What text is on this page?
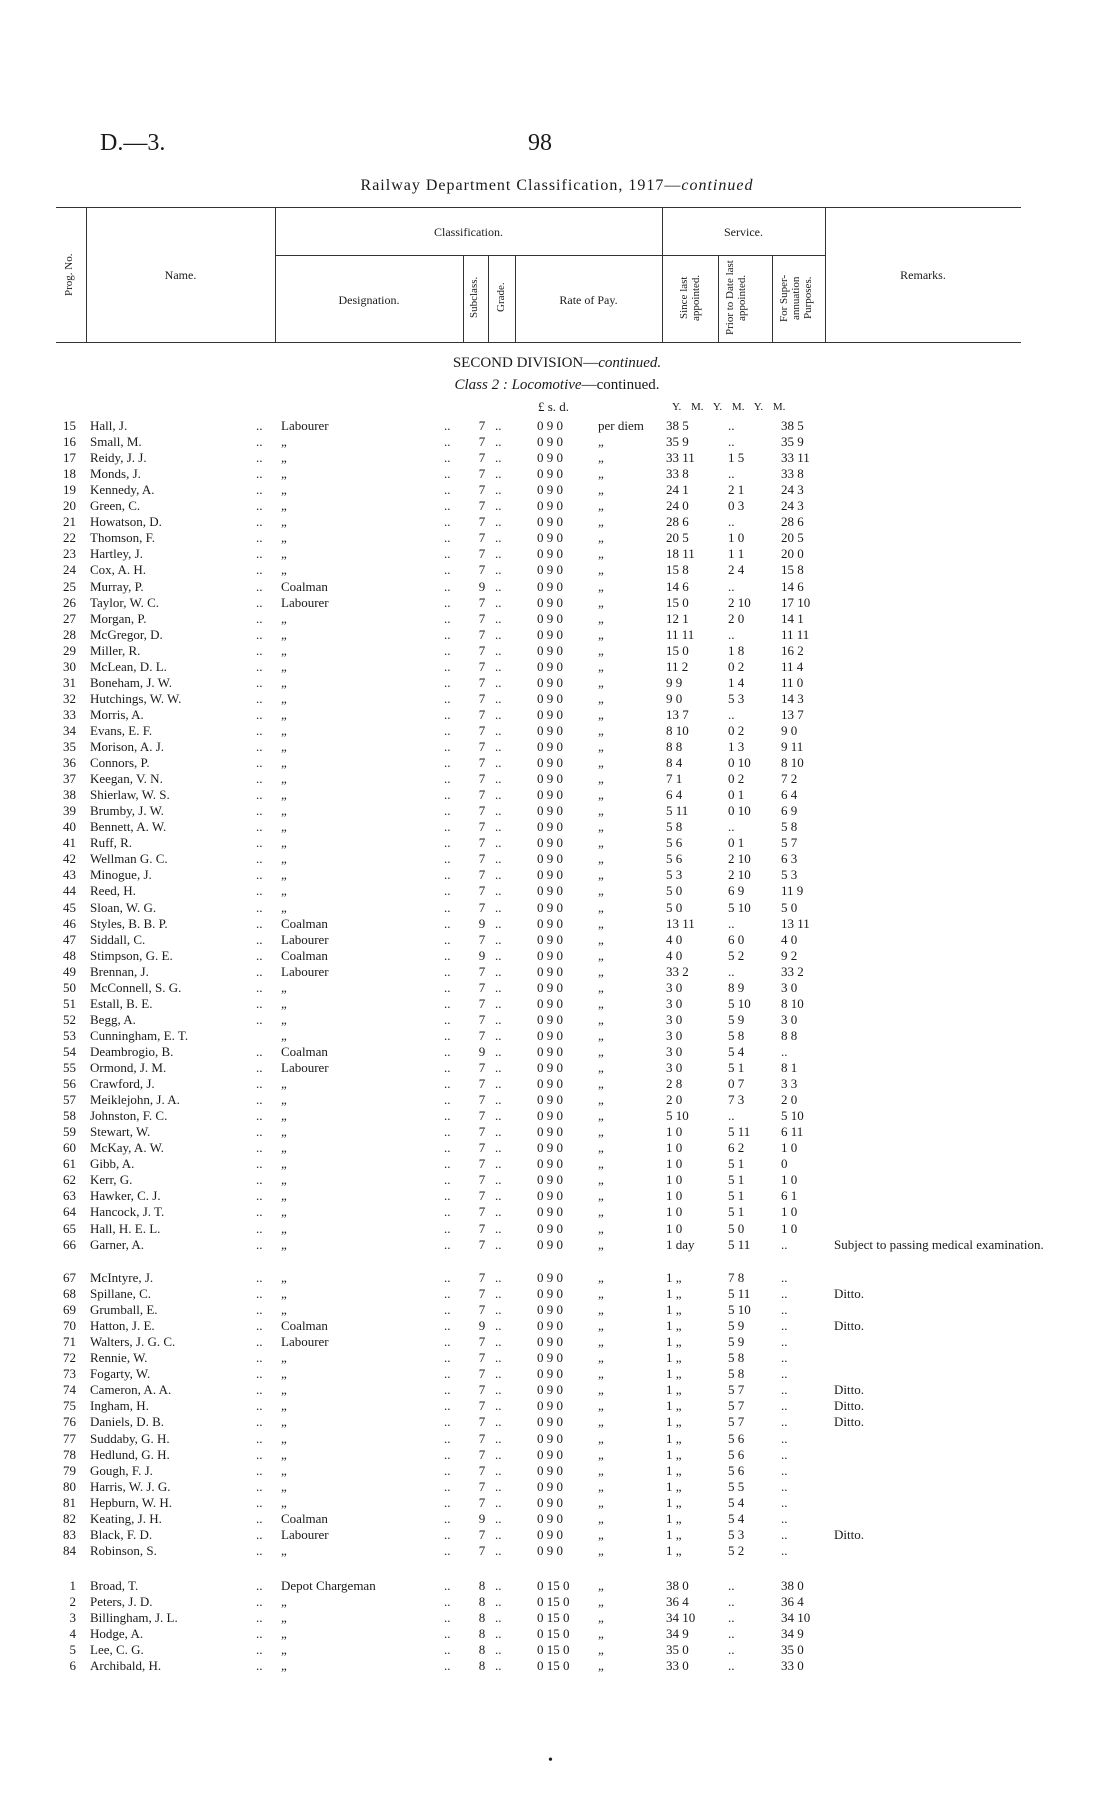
D.—3.	98
Railway Department Classification, 1917—continued
Prog. No.	Name.
Classification.	Service.
Designation.	Subclass. Grade.	Rate of Pay.	Since last appointed. Prior to Date last appointed.	For Super-annuation Purposes.
Remarks.
SECOND DIVISION—continued.
Class 2 : Locomotive—continued.
£ s. d.	Y. M. Y. M. Y. M.
15 Hall, J.	.. Labourer	.. 7 ..	0 9 0	per diem 38 5	..	38 5
16 Small, M.	.. „	.. 7 ..	0 9 0	„	35 9	..	35 9
17 Reidy, J. J.	.. „	.. 7 ..	0 9 0	„	33 11	1 5	33 11
18 Monds, J.	.. „	.. 7 ..	0 9 0	„	33 8	..	33 8
19 Kennedy, A.	.. „	.. 7 ..	0 9 0	„	24 1	2 1	24 3
20 Green, C.	.. „	.. 7 ..	0 9 0	„	24 0	0 3	24 3
21 Howatson, D.	.. „	.. 7 ..	0 9 0	„	28 6	..	28 6
22 Thomson, F.	.. „	.. 7 ..	0 9 0	„	20 5	1 0	20 5
23 Hartley, J.	.. „	.. 7 ..	0 9 0	„	18 11	1 1	20 0
24 Cox, A. H.	.. „	.. 7 ..	0 9 0	„	15 8	2 4	15 8
25 Murray, P.	.. Coalman	.. 9 ..	0 9 0	„	14 6	..	14 6
26 Taylor, W. C.	.. Labourer	.. 7 ..	0 9 0	„	15 0	2 10	17 10
27 Morgan, P.	.. „	.. 7 ..	0 9 0	„	12 1	2 0	14 1
28 McGregor, D.	.. „	.. 7 ..	0 9 0	„	11 11	..	11 11
29 Miller, R.	.. „	.. 7 ..	0 9 0	„	15 0	1 8	16 2
30 McLean, D. L.	.. „	.. 7 ..	0 9 0	„	11 2	0 2	11 4
31 Boneham, J. W.	.. „	.. 7 ..	0 9 0	„	9 9	1 4	11 0
32 Hutchings, W. W.	.. „	.. 7 ..	0 9 0	„	9 0	5 3	14 3
33 Morris, A.	.. „	.. 7 ..	0 9 0	„	13 7	..	13 7
34 Evans, E. F.	.. „	.. 7 ..	0 9 0	„	8 10	0 2	9 0
35 Morison, A. J.	.. „	.. 7 ..	0 9 0	„	8 8	1 3	9 11
36 Connors, P.	.. „	.. 7 ..	0 9 0	„	8 4	0 10	8 10
37 Keegan, V. N.	.. „	.. 7 ..	0 9 0	„	7 1	0 2	7 2
38 Shierlaw, W. S.	.. „	.. 7 ..	0 9 0	„	6 4	0 1	6 4
39 Brumby, J. W.	.. „	.. 7 ..	0 9 0	„	5 11	0 10	6 9
40 Bennett, A. W.	.. „	.. 7 ..	0 9 0	„	5 8	..	5 8
41 Ruff, R.	.. „	.. 7 ..	0 9 0	„	5 6	0 1	5 7
42 Wellman G. C.	.. „	.. 7 ..	0 9 0	„	5 6	2 10	6 3
43 Minogue, J.	.. „	.. 7 ..	0 9 0	„	5 3	2 10	5 3
44 Reed, H.	.. „	.. 7 ..	0 9 0	„	5 0	6 9	11 9
45 Sloan, W. G.	.. „	.. 7 ..	0 9 0	„	5 0	5 10	5 0
46 Styles, B. B. P.	.. Coalman	.. 9 ..	0 9 0	„	13 11	..	13 11
47 Siddall, C.	.. Labourer	.. 7 ..	0 9 0	„	4 0	6 0	4 0
48 Stimpson, G. E.	.. Coalman	.. 9 ..	0 9 0	„	4 0	5 2	9 2
49 Brennan, J.	.. Labourer	.. 7 ..	0 9 0	„	33 2	..	33 2
50 McConnell, S. G.	.. „	.. 7 ..	0 9 0	„	3 0	8 9	3 0
51 Estall, B. E.	.. „	.. 7 ..	0 9 0	„	3 0	5 10	8 10
52 Begg, A.	.. „	.. 7 ..	0 9 0	„	3 0	5 9	3 0
53 Cunningham, E. T.	„	.. 7 ..	0 9 0	„	3 0	5 8	8 8
54 Deambrogio, B.	.. Coalman	.. 9 ..	0 9 0	„	3 0	5 4	..
55 Ormond, J. M.	.. Labourer	.. 7 ..	0 9 0	„	3 0	5 1	8 1
56 Crawford, J.	.. „	.. 7 ..	0 9 0	„	2 8	0 7	3 3
57 Meiklejohn, J. A.	.. „	.. 7 ..	0 9 0	„	2 0	7 3	2 0
58 Johnston, F. C.	.. „	.. 7 ..	0 9 0	„	5 10	..	5 10
59 Stewart, W.	.. „	.. 7 ..	0 9 0	„	1 0	5 11	6 11
60 McKay, A. W.	.. „	.. 7 ..	0 9 0	„	1 0	6 2	1 0
61 Gibb, A.	.. „	.. 7 ..	0 9 0	„	1 0	5 1	0
62 Kerr, G.	.. „	.. 7 ..	0 9 0	„	1 0	5 1	1 0
63 Hawker, C. J.	.. „	.. 7 ..	0 9 0	„	1 0	5 1	6 1
64 Hancock, J. T.	.. „	.. 7 ..	0 9 0	„	1 0	5 1	1 0
65 Hall, H. E. L.	.. „	.. 7 ..	0 9 0	„	1 0	5 0	1 0
66 Garner, A.	.. „	.. 7 ..	0 9 0	„	1 day	5 11	..	Subject to passing medical examination.
67 McIntyre, J.	.. „	.. 7 ..	0 9 0	„	1 „	7 8	..
68 Spillane, C.	.. „	.. 7 ..	0 9 0	„	1 „	5 11	..	Ditto.
69 Grumball, E.	.. „	.. 7 ..	0 9 0	„	1 „	5 10	..
70 Hatton, J. E.	.. Coalman	.. 9 ..	0 9 0	„	1 „	5 9	..	Ditto.
71 Walters, J. G. C.	.. Labourer	.. 7 ..	0 9 0	„	1 „	5 9	..
72 Rennie, W.	.. „	.. 7 ..	0 9 0	„	1 „	5 8	..
73 Fogarty, W.	.. „	.. 7 ..	0 9 0	„	1 „	5 8	..
74 Cameron, A. A.	.. „	.. 7 ..	0 9 0	„	1 „	5 7	..	Ditto.
75 Ingham, H.	.. „	.. 7 ..	0 9 0	„	1 „	5 7	..	Ditto.
76 Daniels, D. B.	.. „	.. 7 ..	0 9 0	„	1 „	5 7	..	Ditto.
77 Suddaby, G. H.	.. „	.. 7 ..	0 9 0	„	1 „	5 6	..
78 Hedlund, G. H.	.. „	.. 7 ..	0 9 0	„	1 „	5 6	..
79 Gough, F. J.	.. „	.. 7 ..	0 9 0	„	1 „	5 6	..
80 Harris, W. J. G.	.. „	.. 7 ..	0 9 0	„	1 „	5 5	..
81 Hepburn, W. H.	.. „	.. 7 ..	0 9 0	„	1 „	5 4	..
82 Keating, J. H.	.. Coalman	.. 9 ..	0 9 0	„	1 „	5 4	..
83 Black, F. D.	.. Labourer	.. 7 ..	0 9 0	„	1 „	5 3	..	Ditto.
84 Robinson, S.	.. „	.. 7 ..	0 9 0	„	1 „	5 2	..
1 Broad, T.	.. Depot Chargeman	.. 8 ..	0 15 0 „	38 0	..	38 0
2 Peters, J. D.	.. „	.. 8 ..	0 15 0 „	36 4	..	36 4
3 Billingham, J. L.	.. „	.. 8 ..	0 15 0 „	34 10	..	34 10
4 Hodge, A.	.. „	.. 8 ..	0 15 0 „	34 9	..	34 9
5 Lee, C. G.	.. „	.. 8 ..	0 15 0 „	35 0	..	35 0
6 Archibald, H.	.. „	.. 8 ..	0 15 0 „	33 0	..	33 0
•
